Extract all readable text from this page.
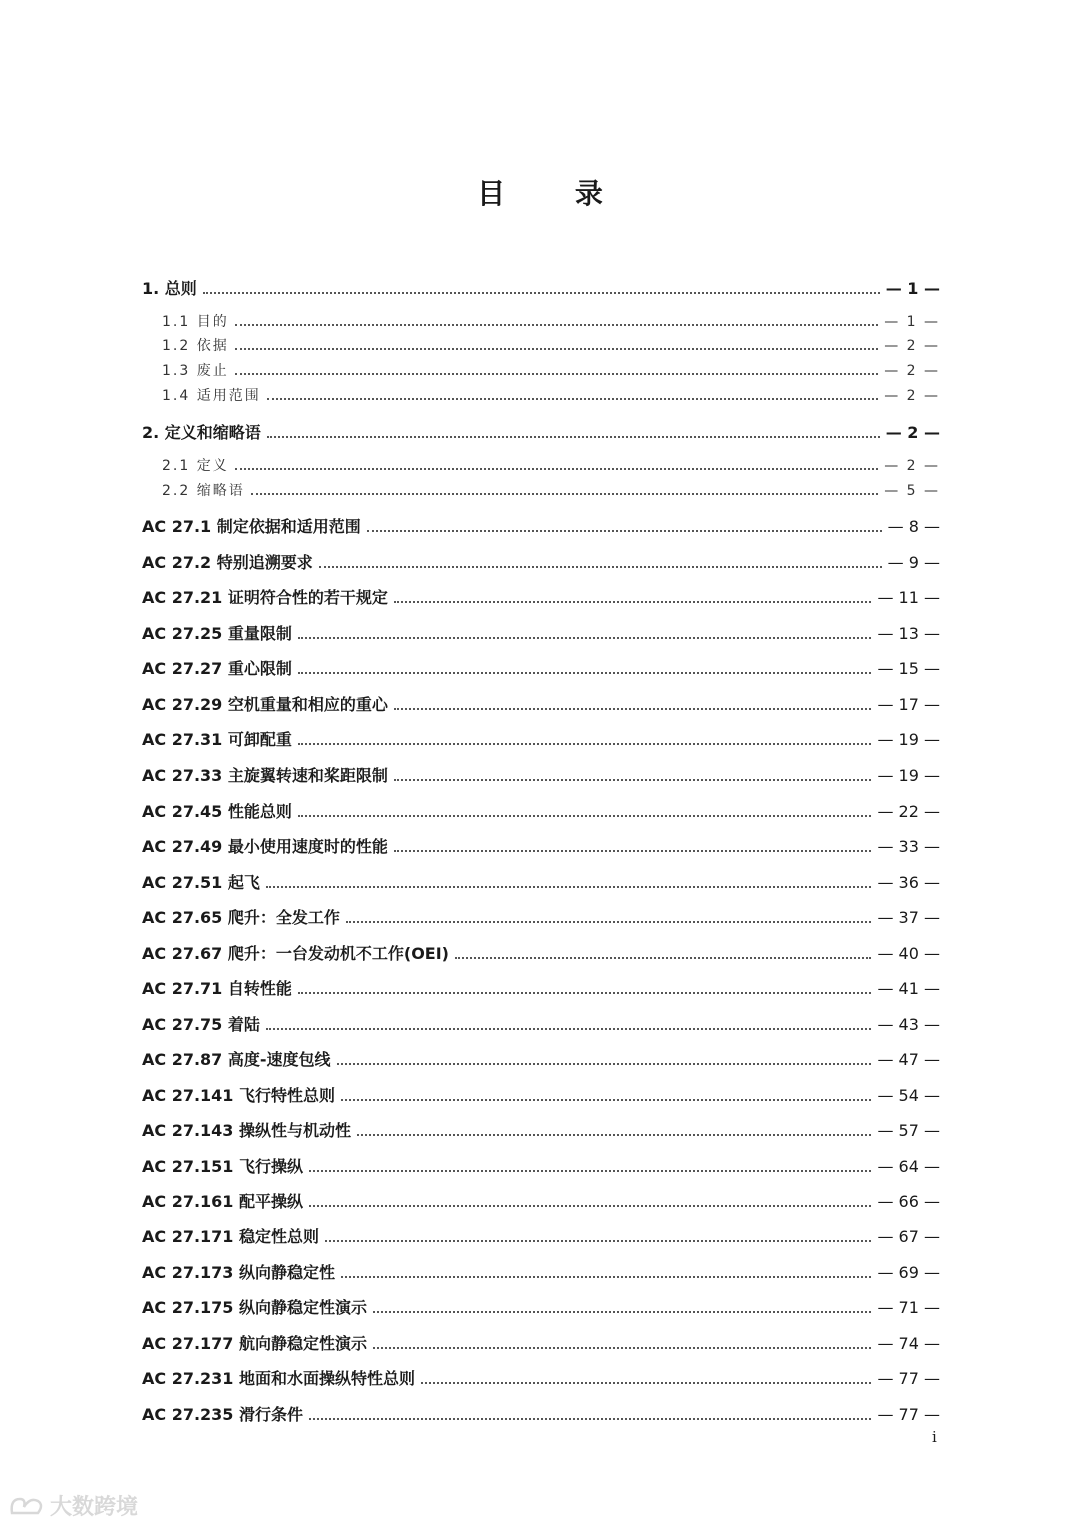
目 录
1. 总则	— 1 —
1.1 目的	— 1 —
1.2 依据	— 2 —
1.3 废止	— 2 —
1.4 适用范围	— 2 —
2. 定义和缩略语	— 2 —
2.1 定义	— 2 —
2.2 缩略语	— 5 —
AC 27.1 制定依据和适用范围	— 8 —
AC 27.2 特别追溯要求	— 9 —
AC 27.21 证明符合性的若干规定	— 11 —
AC 27.25 重量限制	— 13 —
AC 27.27 重心限制	— 15 —
AC 27.29 空机重量和相应的重心	— 17 —
AC 27.31 可卸配重	— 19 —
AC 27.33 主旋翼转速和桨距限制	— 19 —
AC 27.45 性能总则	— 22 —
AC 27.49 最小使用速度时的性能	— 33 —
AC 27.51 起飞	— 36 —
AC 27.65 爬升：全发工作	— 37 —
AC 27.67 爬升：一台发动机不工作(OEI)	— 40 —
AC 27.71 自转性能	— 41 —
AC 27.75 着陆	— 43 —
AC 27.87 高度-速度包线	— 47 —
AC 27.141 飞行特性总则	— 54 —
AC 27.143 操纵性与机动性	— 57 —
AC 27.151 飞行操纵	— 64 —
AC 27.161 配平操纵	— 66 —
AC 27.171 稳定性总则	— 67 —
AC 27.173 纵向静稳定性	— 69 —
AC 27.175 纵向静稳定性演示	— 71 —
AC 27.177 航向静稳定性演示	— 74 —
AC 27.231 地面和水面操纵特性总则	— 77 —
AC 27.235 滑行条件	— 77 —
i
大数跨境
